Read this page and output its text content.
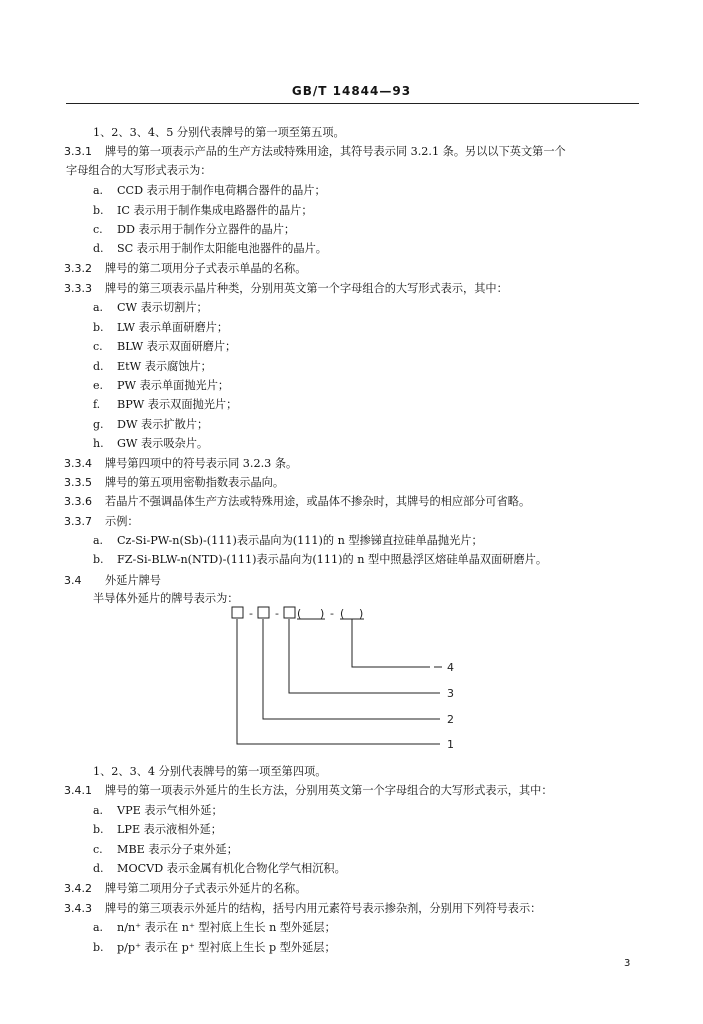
GB/T 14844—93
1、2、3、4、5 分别代表牌号的第一项至第五项。
3.3.1 牌号的第一项表示产品的生产方法或特殊用途，其符号表示同 3.2.1 条。另以以下英文第一个
字母组合的大写形式表示为：
a. CCD 表示用于制作电荷耦合器件的晶片；
b. IC 表示用于制作集成电路器件的晶片；
c. DD 表示用于制作分立器件的晶片；
d. SC 表示用于制作太阳能电池器件的晶片。
3.3.2 牌号的第二项用分子式表示单晶的名称。
3.3.3 牌号的第三项表示晶片种类，分别用英文第一个字母组合的大写形式表示，其中：
a. CW 表示切割片；
b. LW 表示单面研磨片；
c. BLW 表示双面研磨片；
d. EtW 表示腐蚀片；
e. PW 表示单面抛光片；
f. BPW 表示双面抛光片；
g. DW 表示扩散片；
h. GW 表示吸杂片。
3.3.4 牌号第四项中的符号表示同 3.2.3 条。
3.3.5 牌号的第五项用密勒指数表示晶向。
3.3.6 若晶片不强调晶体生产方法或特殊用途，或晶体不掺杂时，其牌号的相应部分可省略。
3.3.7 示例：
a. Cz-Si-PW-n(Sb)-(111)表示晶向为(111)的 n 型掺锑直拉硅单晶抛光片；
b. FZ-Si-BLW-n(NTD)-(111)表示晶向为(111)的 n 型中照悬浮区熔硅单晶双面研磨片。
3.4 外延片牌号
半导体外延片的牌号表示为：
1、2、3、4 分别代表牌号的第一项至第四项。
3.4.1 牌号的第一项表示外延片的生长方法，分别用英文第一个字母组合的大写形式表示，其中：
a. VPE 表示气相外延；
b. LPE 表示液相外延；
c. MBE 表示分子束外延；
d. MOCVD 表示金属有机化合物化学气相沉积。
3.4.2 牌号第二项用分子式表示外延片的名称。
3.4.3 牌号的第三项表示外延片的结构，括号内用元素符号表示掺杂剂，分别用下列符号表示：
a. n/n⁺ 表示在 n⁺ 型衬底上生长 n 型外延层；
b. p/p⁺ 表示在 p⁺ 型衬底上生长 p 型外延层；
- - ( ) - ( )
1
2
3
4
3
